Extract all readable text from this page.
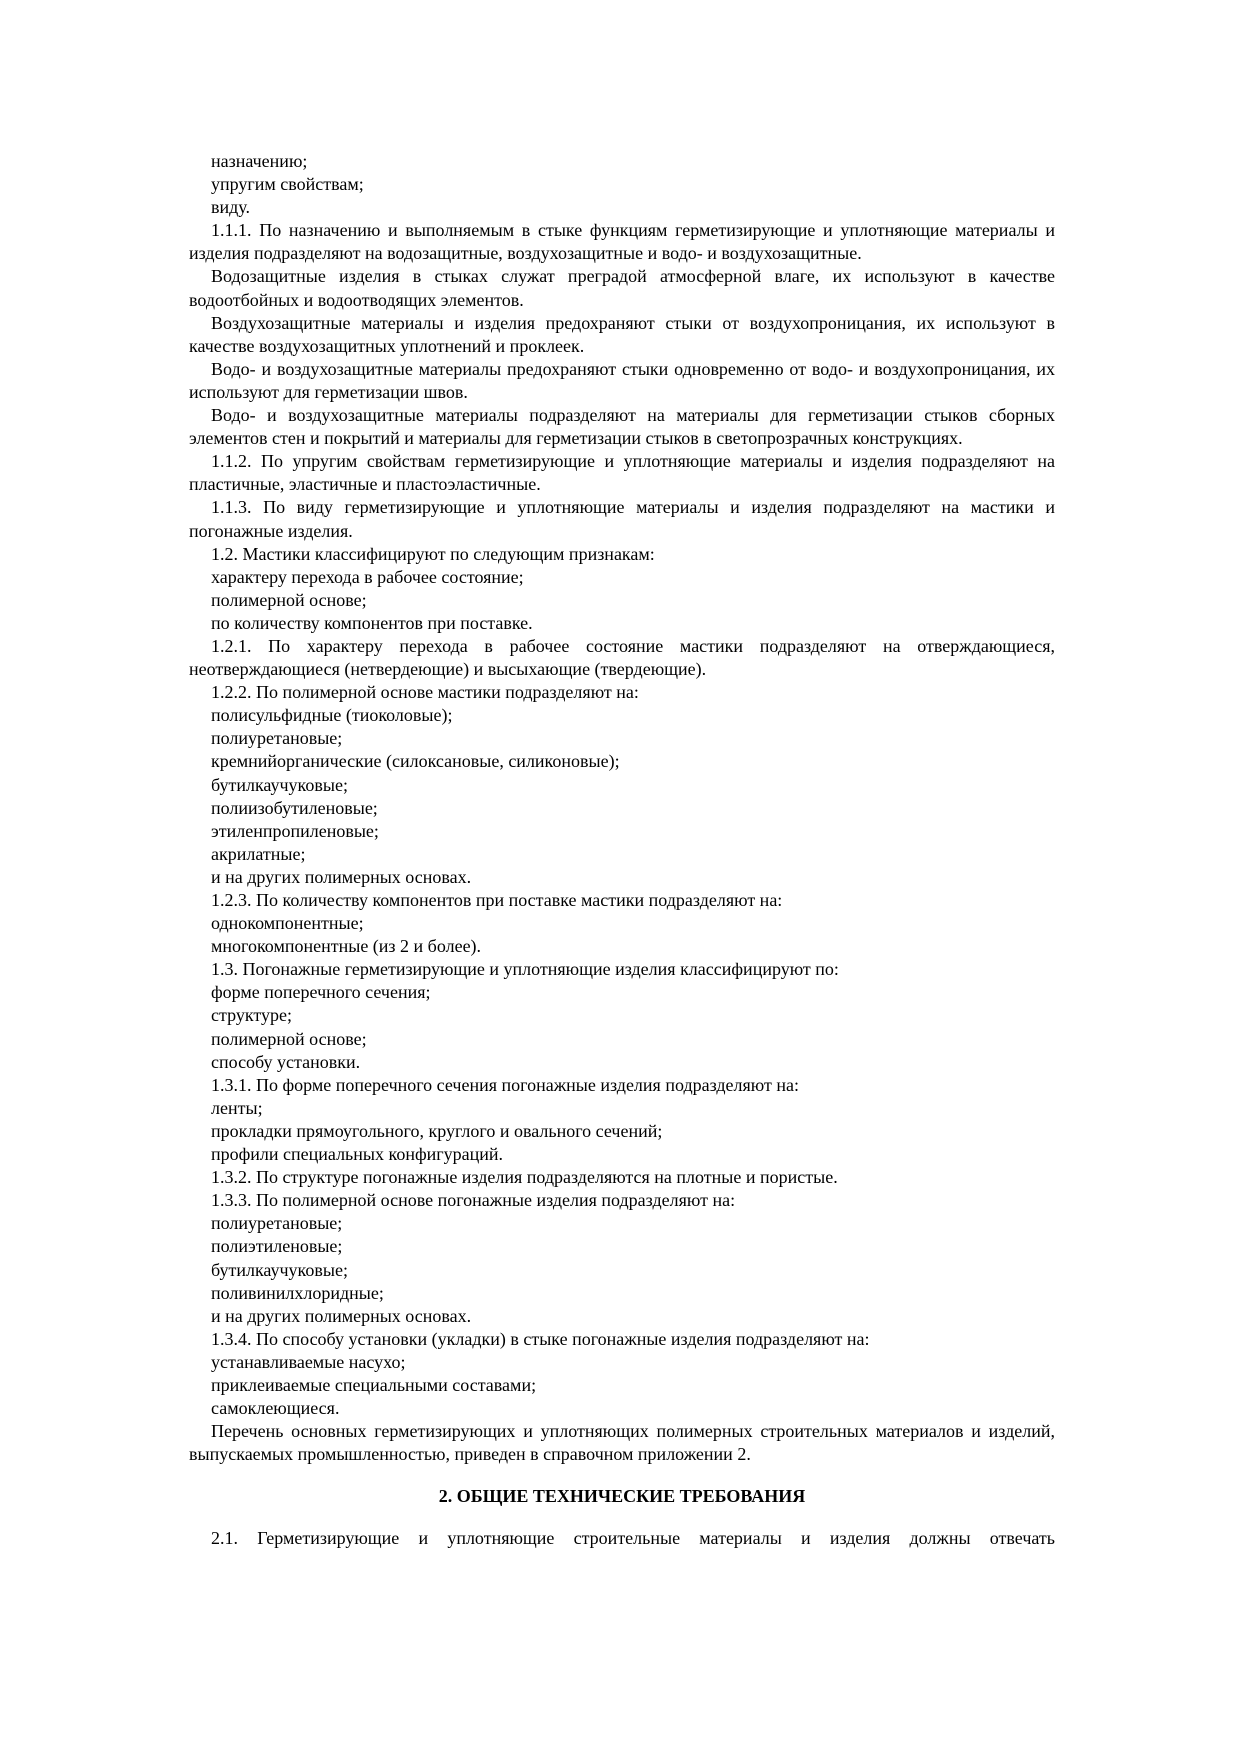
назначению;

упругим свойствам;

виду.

1.1.1. По назначению и выполняемым в стыке функциям герметизирующие и уплотняющие материалы и изделия подразделяют на водозащитные, воздухозащитные и водо- и воздухозащитные.

Водозащитные изделия в стыках служат преградой атмосферной влаге, их используют в качестве водоотбойных и водоотводящих элементов.

Воздухозащитные материалы и изделия предохраняют стыки от воздухопроницания, их используют в качестве воздухозащитных уплотнений и проклеек.

Водо- и воздухозащитные материалы предохраняют стыки одновременно от водо- и воздухопроницания, их используют для герметизации швов.

Водо- и воздухозащитные материалы подразделяют на материалы для герметизации стыков сборных элементов стен и покрытий и материалы для герметизации стыков в светопрозрачных конструкциях.

1.1.2. По упругим свойствам герметизирующие и уплотняющие материалы и изделия подразделяют на пластичные, эластичные и пластоэластичные.

1.1.3. По виду герметизирующие и уплотняющие материалы и изделия подразделяют на мастики и погонажные изделия.

1.2. Мастики классифицируют по следующим признакам:

характеру перехода в рабочее состояние;

полимерной основе;

по количеству компонентов при поставке.

1.2.1. По характеру перехода в рабочее состояние мастики подразделяют на отверждающиеся, неотверждающиеся (нетвердеющие) и высыхающие (твердеющие).

1.2.2. По полимерной основе мастики подразделяют на:

полисульфидные (тиоколовые);

полиуретановые;

кремнийорганические (силоксановые, силиконовые);

бутилкаучуковые;

полиизобутиленовые;

этиленпропиленовые;

акрилатные;

и на других полимерных основах.

1.2.3. По количеству компонентов при поставке мастики подразделяют на:

однокомпонентные;

многокомпонентные (из 2 и более).

1.3. Погонажные герметизирующие и уплотняющие изделия классифицируют по:

форме поперечного сечения;

структуре;

полимерной основе;

способу установки.

1.3.1. По форме поперечного сечения погонажные изделия подразделяют на:

ленты;

прокладки прямоугольного, круглого и овального сечений;

профили специальных конфигураций.

1.3.2. По структуре погонажные изделия подразделяются на плотные и пористые.

1.3.3. По полимерной основе погонажные изделия подразделяют на:

полиуретановые;

полиэтиленовые;

бутилкаучуковые;

поливинилхлоридные;

и на других полимерных основах.

1.3.4. По способу установки (укладки) в стыке погонажные изделия подразделяют на:

устанавливаемые насухо;

приклеиваемые специальными составами;

самоклеющиеся.

Перечень основных герметизирующих и уплотняющих полимерных строительных материалов и изделий, выпускаемых промышленностью, приведен в справочном приложении 2.

2. ОБЩИЕ ТЕХНИЧЕСКИЕ ТРЕБОВАНИЯ

2.1. Герметизирующие и уплотняющие строительные материалы и изделия должны отвечать
